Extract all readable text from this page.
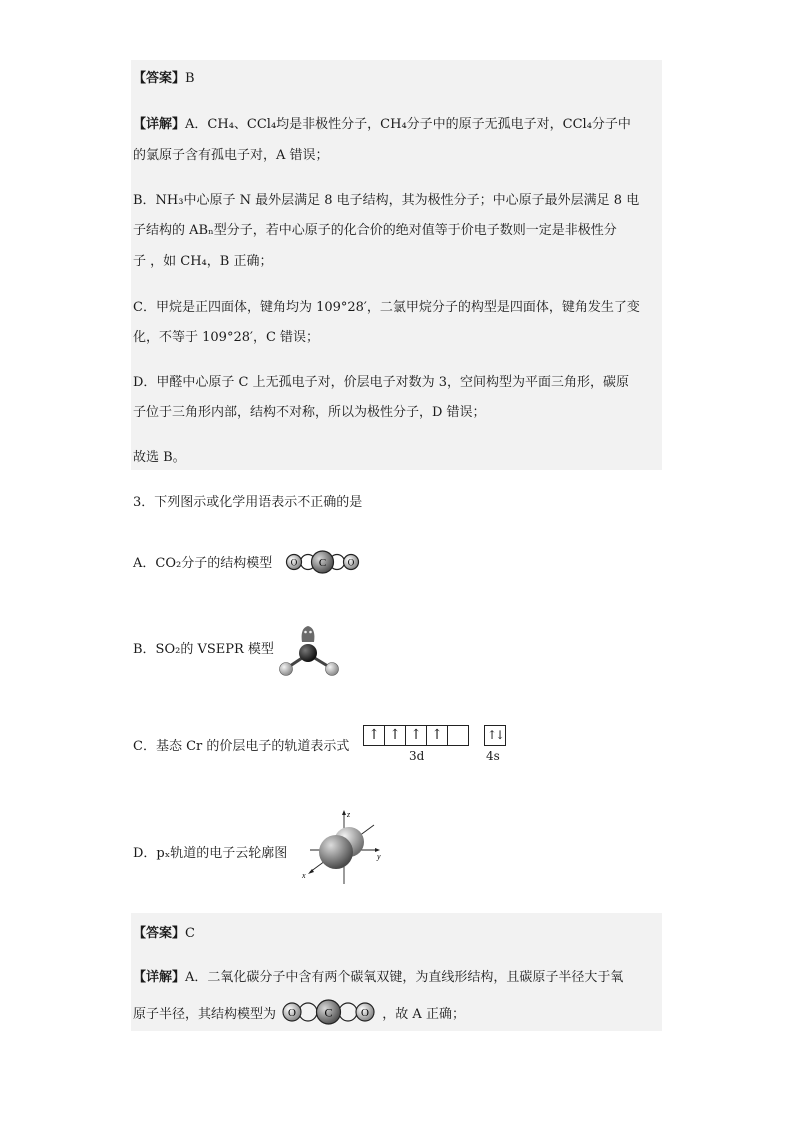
【答案】B
【详解】A．CH₄、CCl₄均是非极性分子，CH₄分子中的原子无孤电子对，CCl₄分子中
的氯原子含有孤电子对，A 错误；
B．NH₃中心原子 N 最外层满足 8 电子结构，其为极性分子；中心原子最外层满足 8 电
子结构的 ABₙ型分子，若中心原子的化合价的绝对值等于价电子数则一定是非极性分
子 ，如 CH₄，B 正确；
C．甲烷是正四面体，键角均为 109°28′，二氯甲烷分子的构型是四面体，键角发生了变
化，不等于 109°28′，C 错误；
D．甲醛中心原子 C 上无孤电子对，价层电子对数为 3，空间构型为平面三角形，碳原
子位于三角形内部，结构不对称，所以为极性分子，D 错误；
故选 B。
3．下列图示或化学用语表示不正确的是
A．CO₂分子的结构模型 O C O
B．SO₂的 VSEPR 模型
C．基态 Cr 的价层电子的轨道表示式
↑ ↑ ↑ ↑	↑↓
3d	4s
D．pₓ轨道的电子云轮廓图
z
y
x
【答案】C
【详解】A．二氧化碳分子中含有两个碳氧双键，为直线形结构，且碳原子半径大于氧
原子半径，其结构模型为 O C	O ，故 A 正确；
